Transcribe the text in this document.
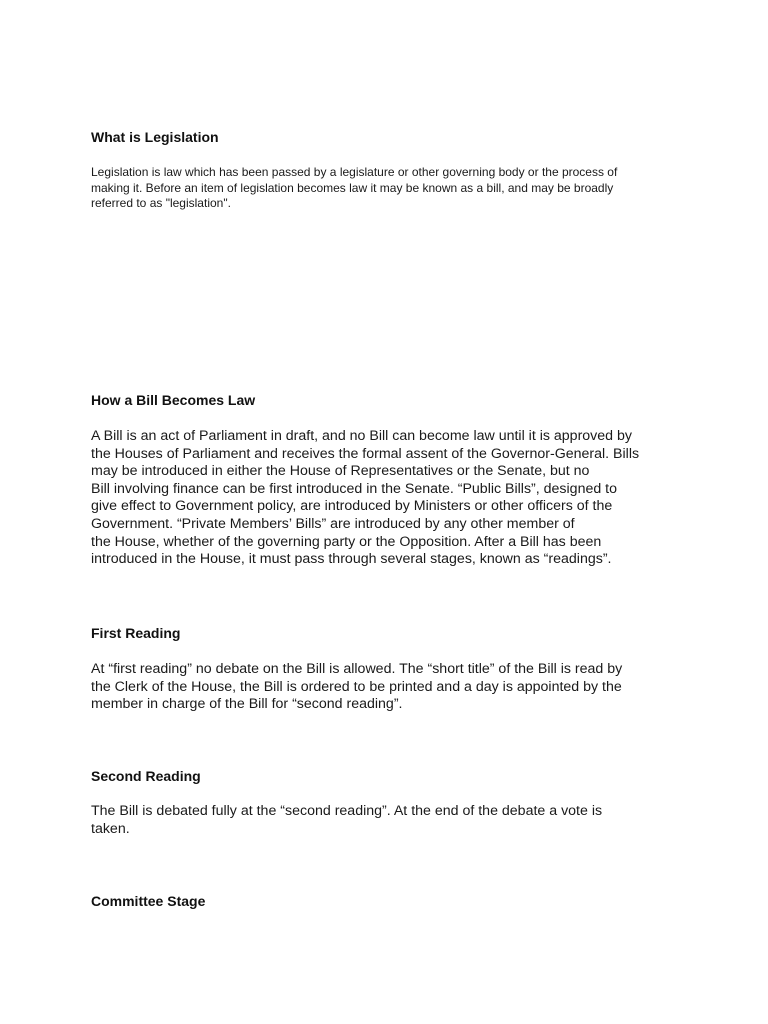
What is Legislation

Legislation is law which has been passed by a legislature or other governing body or the process of
making it. Before an item of legislation becomes law it may be known as a bill, and may be broadly
referred to as "legislation".

How a Bill Becomes Law

A Bill is an act of Parliament in draft, and no Bill can become law until it is approved by
the Houses of Parliament and receives the formal assent of the Governor-General. Bills
may be introduced in either the House of Representatives or the Senate, but no
Bill involving finance can be first introduced in the Senate. “Public Bills”, designed to
give effect to Government policy, are introduced by Ministers or other officers of the
Government. “Private Members’ Bills” are introduced by any other member of
the House, whether of the governing party or the Opposition. After a Bill has been
introduced in the House, it must pass through several stages, known as “readings”.

First Reading

At “first reading” no debate on the Bill is allowed. The “short title” of the Bill is read by
the Clerk of the House, the Bill is ordered to be printed and a day is appointed by the
member in charge of the Bill for “second reading”.

Second Reading

The Bill is debated fully at the “second reading”. At the end of the debate a vote is
taken.

Committee Stage
